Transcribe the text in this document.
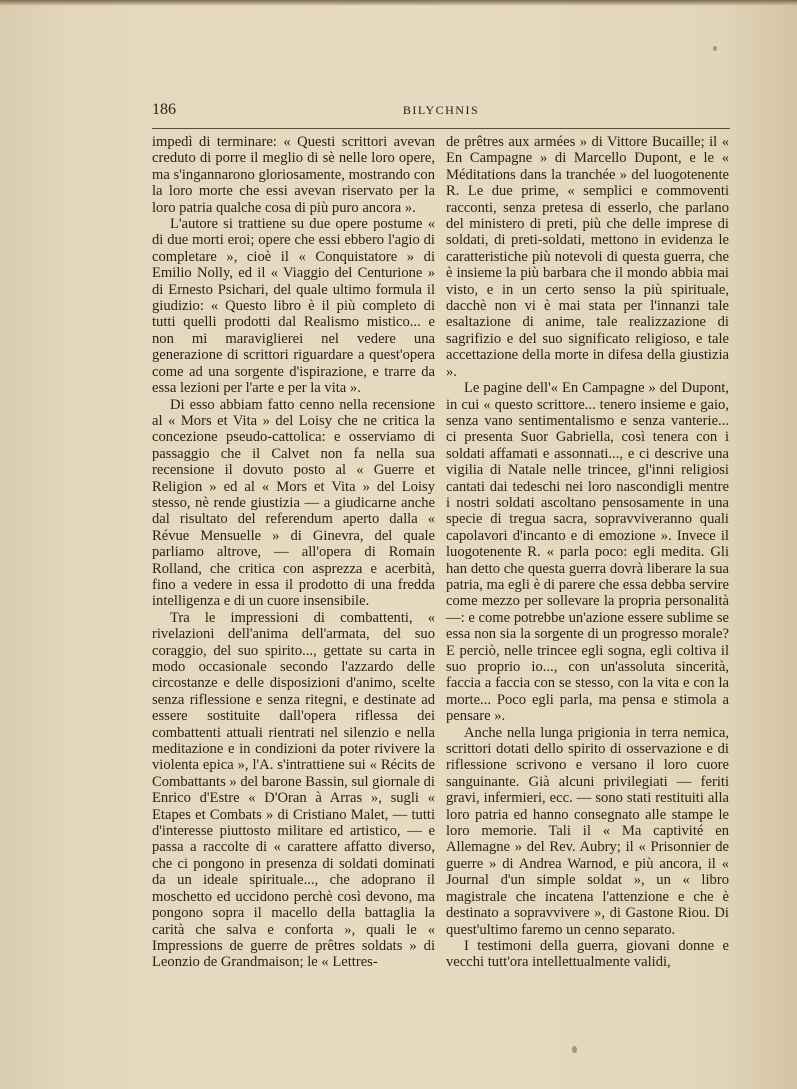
186	BILYCHNIS

impedì di terminare: « Questi scrittori avevan creduto di porre il meglio di sè nelle loro opere, ma s'ingannarono gloriosamente, mostrando con la loro morte che essi avevan riservato per la loro patria qualche cosa di più puro ancora ».

L'autore si trattiene su due opere postume « di due morti eroi; opere che essi ebbero l'agio di completare », cioè il « Conquistatore » di Emilio Nolly, ed il « Viaggio del Centurione » di Ernesto Psichari, del quale ultimo formula il giudizio: « Questo libro è il più completo di tutti quelli prodotti dal Realismo mistico... e non mi maraviglierei nel vedere una generazione di scrittori riguardare a quest'opera come ad una sorgente d'ispirazione, e trarre da essa lezioni per l'arte e per la vita ».

Di esso abbiam fatto cenno nella recensione al « Mors et Vita » del Loisy che ne critica la concezione pseudo-cattolica: e osserviamo di passaggio che il Calvet non fa nella sua recensione il dovuto posto al « Guerre et Religion » ed al « Mors et Vita » del Loisy stesso, nè rende giustizia — a giudicarne anche dal risultato del referendum aperto dalla « Révue Mensuelle » di Ginevra, del quale parliamo altrove, — all'opera di Romain Rolland, che critica con asprezza e acerbità, fino a vedere in essa il prodotto di una fredda intelligenza e di un cuore insensibile.

Tra le impressioni di combattenti, « rivelazioni dell'anima dell'armata, del suo coraggio, del suo spirito..., gettate su carta in modo occasionale secondo l'azzardo delle circostanze e delle disposizioni d'animo, scelte senza riflessione e senza ritegni, e destinate ad essere sostituite dall'opera riflessa dei combattenti attuali rientrati nel silenzio e nella meditazione e in condizioni da poter rivivere la violenta epica », l'A. s'intrattiene sui « Récits de Combattants » del barone Bassin, sul giornale di Enrico d'Estre « D'Oran à Arras », sugli « Etapes et Combats » di Cristiano Malet, — tutti d'interesse piuttosto militare ed artistico, — e passa a raccolte di « carattere affatto diverso, che ci pongono in presenza di soldati dominati da un ideale spirituale..., che adoprano il moschetto ed uccidono perchè così devono, ma pongono sopra il macello della battaglia la carità che salva e conforta », quali le « Impressions de guerre de prêtres soldats » di Leonzio de Grandmaison; le « Lettres-

de prêtres aux armées » di Vittore Bucaille; il « En Campagne » di Marcello Dupont, e le « Méditations dans la tranchée » del luogotenente R. Le due prime, « semplici e commoventi racconti, senza pretesa di esserlo, che parlano del ministero di preti, più che delle imprese di soldati, di preti-soldati, mettono in evidenza le caratteristiche più notevoli di questa guerra, che è insieme la più barbara che il mondo abbia mai visto, e in un certo senso la più spirituale, dacchè non vi è mai stata per l'innanzi tale esaltazione di anime, tale realizzazione di sagrifizio e del suo significato religioso, e tale accettazione della morte in difesa della giustizia ».

Le pagine dell'« En Campagne » del Dupont, in cui « questo scrittore... tenero insieme e gaio, senza vano sentimentalismo e senza vanterie... ci presenta Suor Gabriella, così tenera con i soldati affamati e assonnati..., e ci descrive una vigilia di Natale nelle trincee, gl'inni religiosi cantati dai tedeschi nei loro nascondigli mentre i nostri soldati ascoltano pensosamente in una specie di tregua sacra, sopravviveranno quali capolavori d'incanto e di emozione ». Invece il luogotenente R. « parla poco: egli medita. Gli han detto che questa guerra dovrà liberare la sua patria, ma egli è di parere che essa debba servire come mezzo per sollevare la propria personalità —: e come potrebbe un'azione essere sublime se essa non sia la sorgente di un progresso morale? E perciò, nelle trincee egli sogna, egli coltiva il suo proprio io..., con un'assoluta sincerità, faccia a faccia con se stesso, con la vita e con la morte... Poco egli parla, ma pensa e stimola a pensare ».

Anche nella lunga prigionia in terra nemica, scrittori dotati dello spirito di osservazione e di riflessione scrivono e versano il loro cuore sanguinante. Già alcuni privilegiati — feriti gravi, infermieri, ecc. — sono stati restituiti alla loro patria ed hanno consegnato alle stampe le loro memorie. Tali il « Ma captivité en Allemagne » del Rev. Aubry; il « Prisonnier de guerre » di Andrea Warnod, e più ancora, il « Journal d'un simple soldat », un « libro magistrale che incatena l'attenzione e che è destinato a sopravvivere », di Gastone Riou. Di quest'ultimo faremo un cenno separato.

I testimoni della guerra, giovani donne e vecchi tutt'ora intellettualmente validi,
